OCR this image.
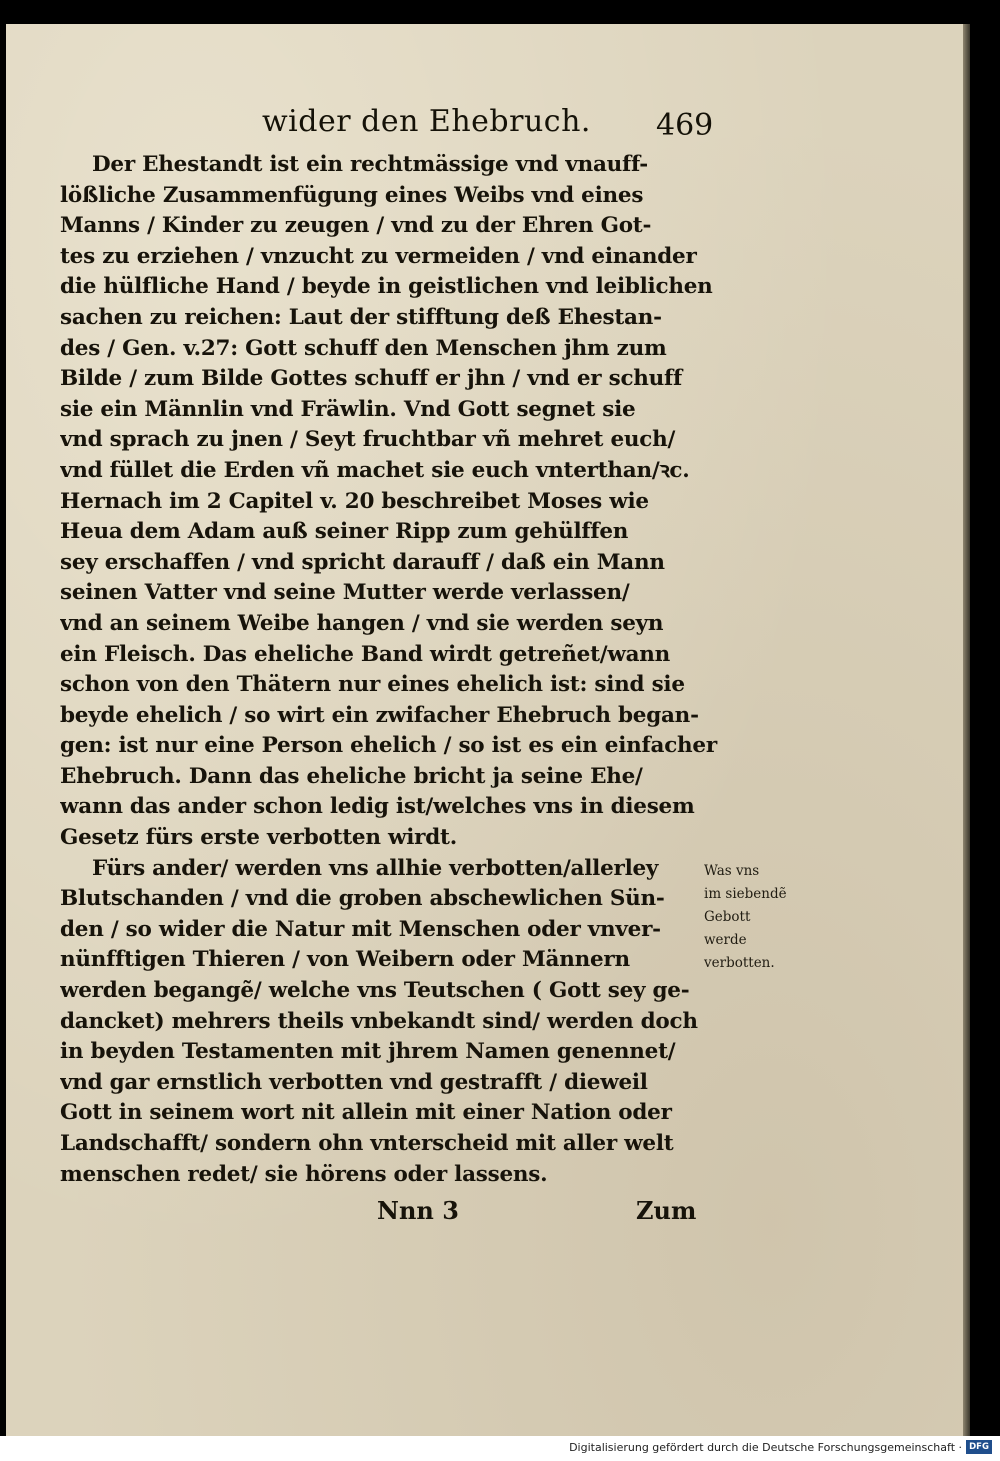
wider den Ehebruch. 469
Der Ehestandt ist ein rechtmässige vnd vnauff-
lößliche Zusammenfügung eines Weibs vnd eines
Manns / Kinder zu zeugen / vnd zu der Ehren Got-
tes zu erziehen / vnzucht zu vermeiden / vnd einander
die hülfliche Hand / beyde in geistlichen vnd leiblichen
sachen zu reichen: Laut der stifftung deß Ehestan-
des / Gen. v.27: Gott schuff den Menschen jhm zum
Bilde / zum Bilde Gottes schuff er jhn / vnd er schuff
sie ein Männlin vnd Fräwlin. Vnd Gott segnet sie
vnd sprach zu jnen / Seyt fruchtbar vñ mehret euch/
vnd füllet die Erden vñ machet sie euch vnterthan/ꝛc.
Hernach im 2 Capitel v. 20 beschreibet Moses wie
Heua dem Adam auß seiner Ripp zum gehülffen
sey erschaffen / vnd spricht darauff / daß ein Mann
seinen Vatter vnd seine Mutter werde verlassen/
vnd an seinem Weibe hangen / vnd sie werden seyn
ein Fleisch. Das eheliche Band wirdt getreñet/wann
schon von den Thätern nur eines ehelich ist: sind sie
beyde ehelich / so wirt ein zwifacher Ehebruch began-
gen: ist nur eine Person ehelich / so ist es ein einfacher
Ehebruch. Dann das eheliche bricht ja seine Ehe/
wann das ander schon ledig ist/welches vns in diesem
Gesetz fürs erste verbotten wirdt.
Fürs ander/ werden vns allhie verbotten/allerley
Blutschanden / vnd die groben abschewlichen Sün-
den / so wider die Natur mit Menschen oder vnver-
nünfftigen Thieren / von Weibern oder Männern
werden begangẽ/ welche vns Teutschen ( Gott sey ge-
dancket) mehrers theils vnbekandt sind/ werden doch
in beyden Testamenten mit jhrem Namen genennet/
vnd gar ernstlich verbotten vnd gestrafft / dieweil
Gott in seinem wort nit allein mit einer Nation oder
Landschafft/ sondern ohn vnterscheid mit aller welt
menschen redet/ sie hörens oder lassens.
Was vns
im siebendẽ
Gebott
werde
verbotten.
Nnn 3	Zum
Digitalisierung gefördert durch die Deutsche Forschungsgemeinschaft · DFG
